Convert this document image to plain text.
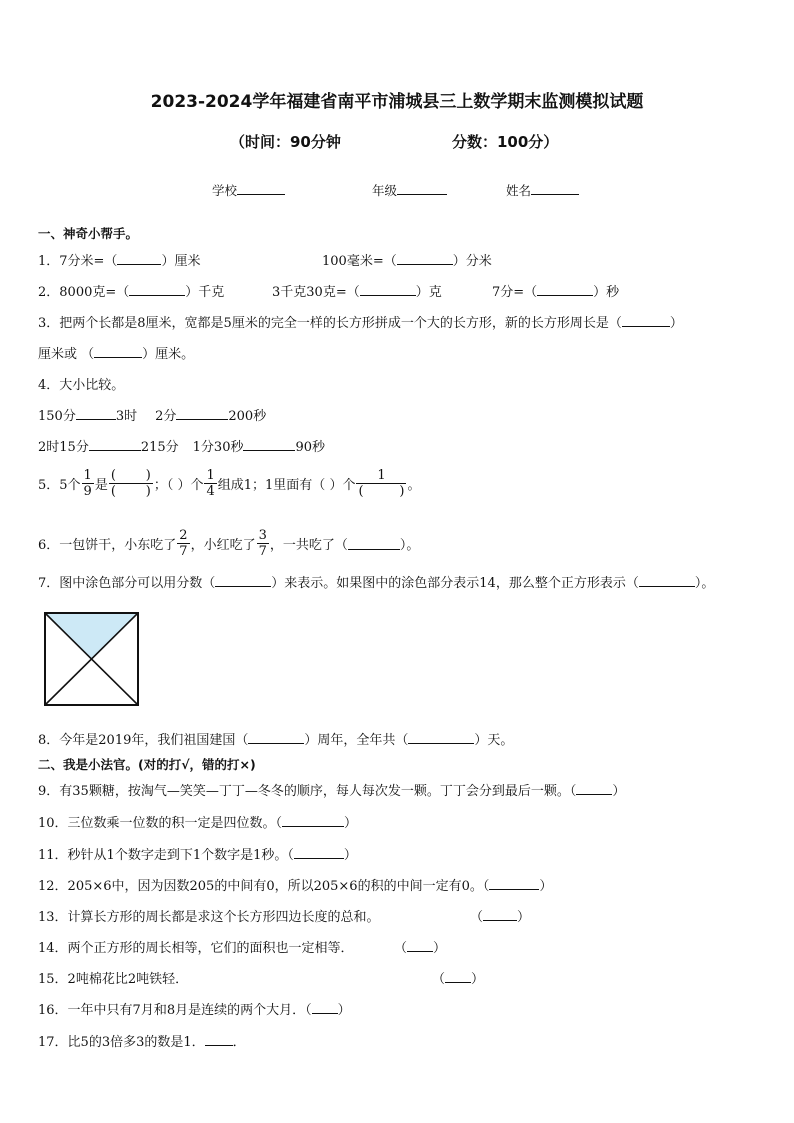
2023-2024学年福建省南平市浦城县三上数学期末监测模拟试题
（时间：90分钟	分数：100分）
学校	年级	姓名
一、神奇小帮手。
1．7分米=（	）厘米	100毫米=（	）分米
2．8000克=（	）千克	3千克30克=（	）克	7分=（	）秒
3．把两个长都是8厘米，宽都是5厘米的完全一样的长方形拼成一个大的长方形，新的长方形周长是（	）
厘米或 （	）厘米。
4．大小比较。
150分	3时 2分	200秒
2时15分	215分 1分30秒	90秒
5．5个 $\frac{1}{9}$ 是 $\frac{( )}{( )}$ ；（ ）个 $\frac{1}{4}$ 组成1；1里面有（ ）个 1
(	) 。
6．一包饼干，小东吃了 $\frac{2}{7}$ ，小红吃了 $\frac{3}{7}$ ，一共吃了（	）。
7．图中涂色部分可以用分数（	）来表示。如果图中的涂色部分表示14，那么整个正方形表示（	）。
8．今年是2019年，我们祖国建国（	）周年，全年共（	）天。
二、我是小法官。(对的打√，错的打×)
9．有35颗糖，按淘气—笑笑—丁丁—冬冬的顺序，每人每次发一颗。丁丁会分到最后一颗。（	）
10．三位数乘一位数的积一定是四位数。（	）
11．秒针从1个数字走到下1个数字是1秒。（	）
12．205×6中，因为因数205的中间有0，所以205×6的积的中间一定有0。（	）
13．计算长方形的周长都是求这个长方形四边长度的总和。	（	）
14．两个正方形的周长相等，它们的面积也一定相等．	（ ）
15．2吨棉花比2吨铁轻．	（ ）
16．一年中只有7月和8月是连续的两个大月．（ ）
17．比5的3倍多3的数是1． ．
